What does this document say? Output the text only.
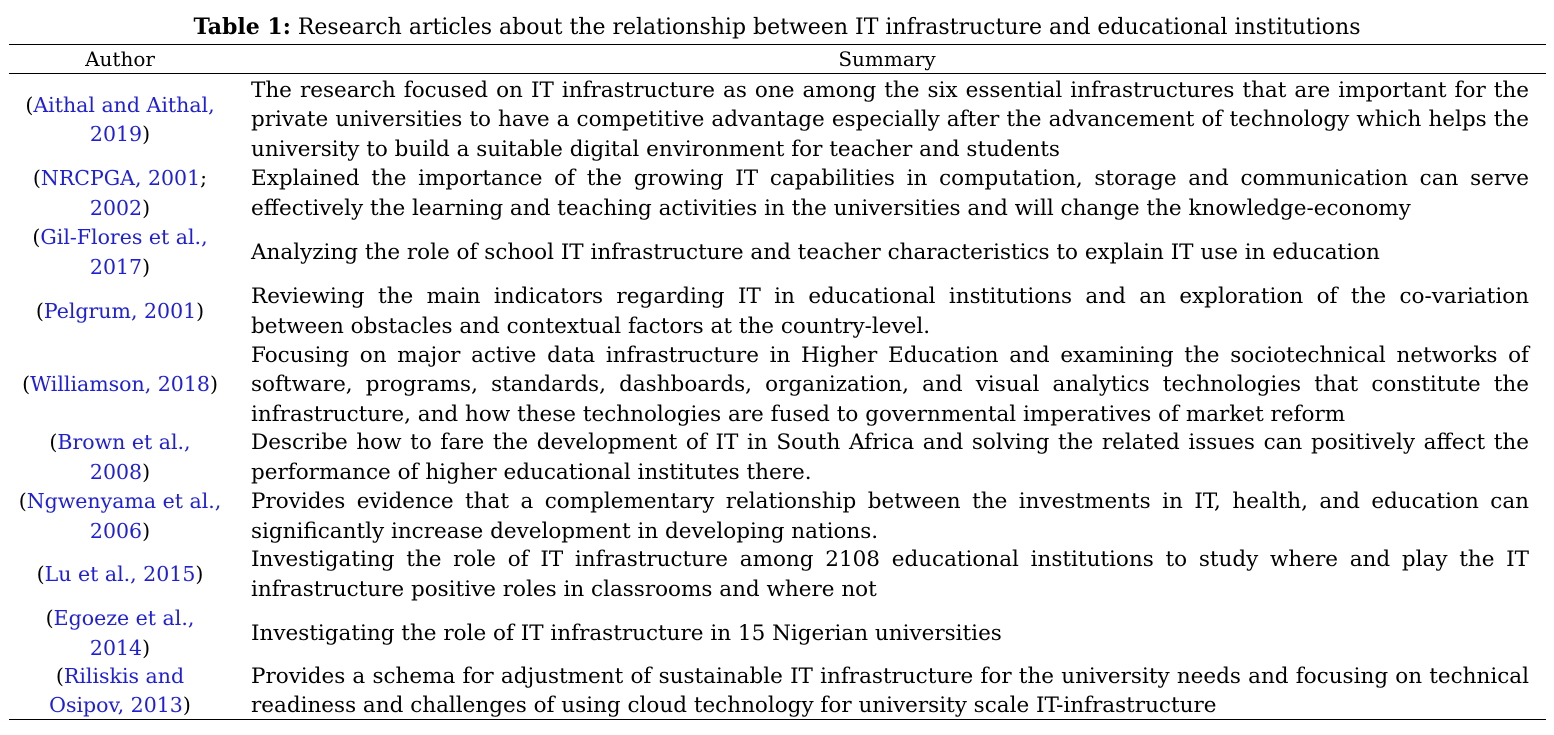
Table 1: Research articles about the relationship between IT infrastructure and educational institutions
Author	Summary
(Aithal and Aithal, 2019)
The research focused on IT infrastructure as one among the six essential infrastructures that are important for the private universities to have a competitive advantage especially after the advancement of technology which helps the university to build a suitable digital environment for teacher and students
(NRCPGA, 2001; 2002)
Explained the importance of the growing IT capabilities in computation, storage and communication can serve effectively the learning and teaching activities in the universities and will change the knowledge-economy
(Gil-Flores et al., 2017)
Analyzing the role of school IT infrastructure and teacher characteristics to explain IT use in education
(Pelgrum, 2001)
Reviewing the main indicators regarding IT in educational institutions and an exploration of the co-variation between obstacles and contextual factors at the country-level.
(Williamson, 2018)
Focusing on major active data infrastructure in Higher Education and examining the sociotechnical networks of software, programs, standards, dashboards, organization, and visual analytics technologies that constitute the infrastructure, and how these technologies are fused to governmental imperatives of market reform
(Brown et al., 2008)
Describe how to fare the development of IT in South Africa and solving the related issues can positively affect the performance of higher educational institutes there.
(Ngwenyama et al., 2006)
Provides evidence that a complementary relationship between the investments in IT, health, and education can significantly increase development in developing nations.
(Lu et al., 2015)
Investigating the role of IT infrastructure among 2108 educational institutions to study where and play the IT infrastructure positive roles in classrooms and where not
(Egoeze et al., 2014)
Investigating the role of IT infrastructure in 15 Nigerian universities
(Riliskis and Osipov, 2013)
Provides a schema for adjustment of sustainable IT infrastructure for the university needs and focusing on technical readiness and challenges of using cloud technology for university scale IT-infrastructure
